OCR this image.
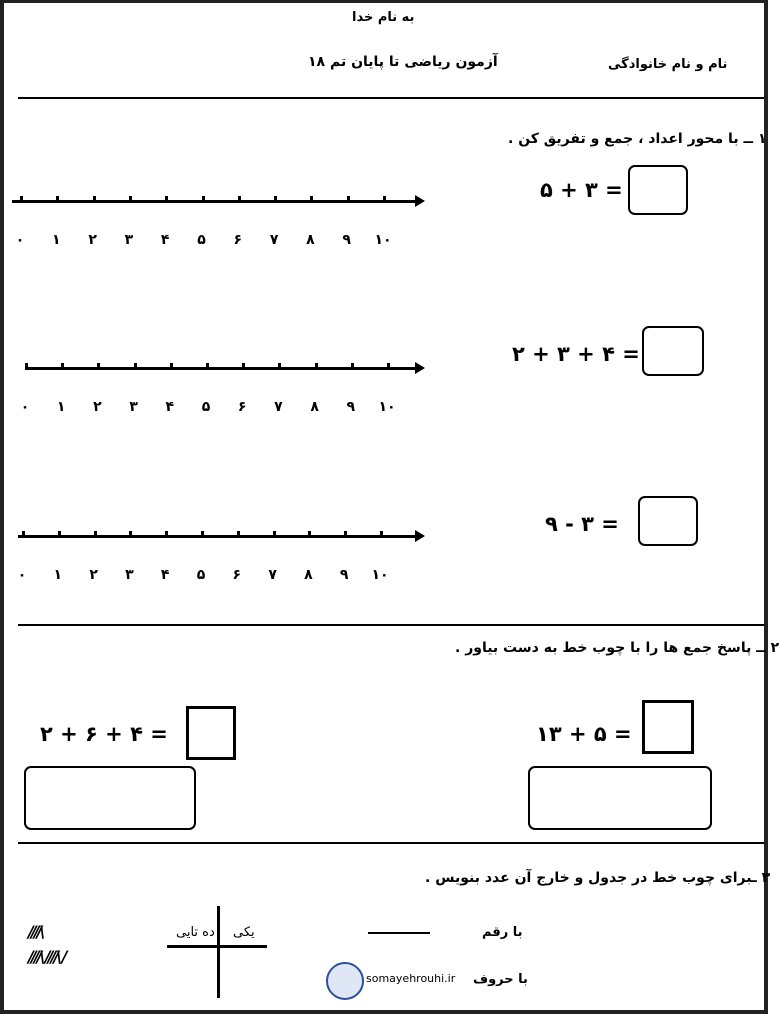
به نام خدا
آزمون ریاضی تا پایان تم ۱۸	نام و نام خانوادگی
۱ ــ با محور اعداد ، جمع و تفریق کن .
۵ + ۳ =
۲ + ۳ + ۴ =
۹ - ۳ =
۲ ــ پاسخ جمع ها را با چوب خط به دست بیاور .
۲ + ۶ + ۴ =	۱۳ + ۵ =
۳ ـبرای چوب خط در جدول و خارج آن عدد بنویس .
////\
////\ ////\ /
ده تایی یکی	با رقم
با حروف
somayehrouhi.ir
۰ ۱ ۲ ۳ ۴ ۵ ۶ ۷ ۸ ۹ ۱۰
۰ ۱ ۲ ۳ ۴ ۵ ۶ ۷ ۸ ۹ ۱۰
۰ ۱ ۲ ۳ ۴ ۵ ۶ ۷ ۸ ۹ ۱۰
